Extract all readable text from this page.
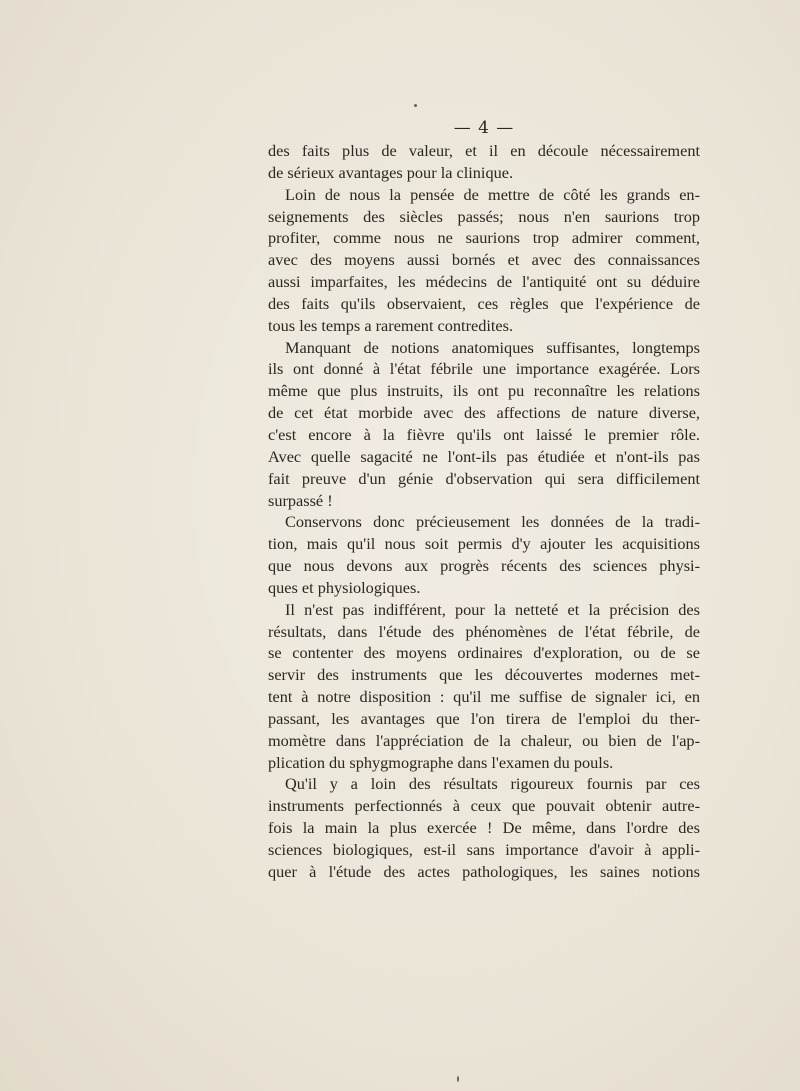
— 4 —
des faits plus de valeur, et il en découle nécessairement
de sérieux avantages pour la clinique.
Loin de nous la pensée de mettre de côté les grands en-
seignements des siècles passés; nous n'en saurions trop
profiter, comme nous ne saurions trop admirer comment,
avec des moyens aussi bornés et avec des connaissances
aussi imparfaites, les médecins de l'antiquité ont su déduire
des faits qu'ils observaient, ces règles que l'expérience de
tous les temps a rarement contredites.
Manquant de notions anatomiques suffisantes, longtemps
ils ont donné à l'état fébrile une importance exagérée. Lors
même que plus instruits, ils ont pu reconnaître les relations
de cet état morbide avec des affections de nature diverse,
c'est encore à la fièvre qu'ils ont laissé le premier rôle.
Avec quelle sagacité ne l'ont-ils pas étudiée et n'ont-ils pas
fait preuve d'un génie d'observation qui sera difficilement
surpassé !
Conservons donc précieusement les données de la tradi-
tion, mais qu'il nous soit permis d'y ajouter les acquisitions
que nous devons aux progrès récents des sciences physi-
ques et physiologiques.
Il n'est pas indifférent, pour la netteté et la précision des
résultats, dans l'étude des phénomènes de l'état fébrile, de
se contenter des moyens ordinaires d'exploration, ou de se
servir des instruments que les découvertes modernes met-
tent à notre disposition : qu'il me suffise de signaler ici, en
passant, les avantages que l'on tirera de l'emploi du ther-
momètre dans l'appréciation de la chaleur, ou bien de l'ap-
plication du sphygmographe dans l'examen du pouls.
Qu'il y a loin des résultats rigoureux fournis par ces
instruments perfectionnés à ceux que pouvait obtenir autre-
fois la main la plus exercée ! De même, dans l'ordre des
sciences biologiques, est-il sans importance d'avoir à appli-
quer à l'étude des actes pathologiques, les saines notions
